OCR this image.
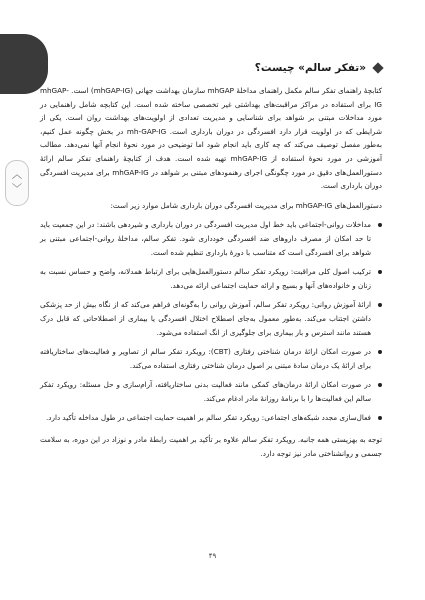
︿
﹀
«تفکر سالم» چیست؟

کتابچۀ راهنمای تفکر سالم مکمل راهنمای مداخلۀ mhGAP سازمان بهداشت جهانی (mhGAP-IG) است. mhGAP-IG برای استفاده در مراکز مراقبت‌های بهداشتی غیر تخصصی ساخته شده است. این کتابچه شامل راهنمایی در مورد مداخلات مبتنی بر شواهد برای شناسایی و مدیریت تعدادی از اولویت‌های بهداشت روان است. یکی از شرایطی که در اولویت قرار دارد افسردگی در دوران بارداری است. mh-GAP-IG در بخش چگونه عمل کنیم، به‌طور مفصل توصیف می‌کند که چه کاری باید انجام شود اما توضیحی در مورد نحوۀ انجام آنها نمی‌دهد. مطالب آموزشی در مورد نحوۀ استفاده از mhGAP-IG تهیه شده است. هدف از کتابچۀ راهنمای تفکر سالم ارائۀ دستورالعمل‌های دقیق در مورد چگونگی اجرای رهنمودهای مبتنی بر شواهد در mhGAP-IG برای مدیریت افسردگی دوران بارداری است.

دستورالعمل‌های mhGAP-IG برای مدیریت افسردگی دوران بارداری شامل موارد زیر است:

مداخلات روانی-اجتماعی باید خط اول مدیریت افسردگی در دوران بارداری و شیردهی باشند: در این جمعیت باید تا حد امکان از مصرف داروهای ضد افسردگی خودداری شود. تفکر سالم، مداخلۀ روانی-اجتماعی مبتنی بر شواهد برای افسردگی است که متناسب با دورۀ بارداری تنظیم شده است.
ترکیب اصول کلی مراقبت: رویکرد تفکر سالم دستورالعمل‌هایی برای ارتباط همدلانه، واضح و حساس نسبت به زنان و خانواده‌های آنها و بسیج و ارائه حمایت اجتماعی ارائه می‌دهد.
ارائۀ آموزش روانی: رویکرد تفکر سالم، آموزش روانی را به‌گونه‌ای فراهم می‌کند که از نگاه بیش از حد پزشکی داشتن اجتناب می‌کند. به‌طور معمول به‌جای اصطلاح اختلال افسردگی یا بیماری از اصطلاحاتی که قابل درک هستند مانند استرس و بار بیماری برای جلوگیری از انگ استفاده می‌شود.
در صورت امکان ارائۀ درمان شناختی رفتاری (CBT): رویکرد تفکر سالم از تصاویر و فعالیت‌های ساختاریافته برای ارائۀ یک درمان سادۀ مبتنی بر اصول درمان شناختی رفتاری استفاده می‌کند.
در صورت امکان ارائۀ درمان‌های کمکی مانند فعالیت بدنی ساختاریافته، آرام‌سازی و حل مسئله: رویکرد تفکر سالم این فعالیت‌ها را با برنامۀ روزانۀ مادر ادغام می‌کند.
فعال‌سازی مجدد شبکه‌های اجتماعی: رویکرد تفکر سالم بر اهمیت حمایت اجتماعی در طول مداخله تأکید دارد.

توجه به بهزیستی همه جانبه. رویکرد تفکر سالم علاوه بر تأکید بر اهمیت رابطۀ مادر و نوزاد در این دوره، به سلامت جسمی و روانشناختی مادر نیز توجه دارد.

۴۹
